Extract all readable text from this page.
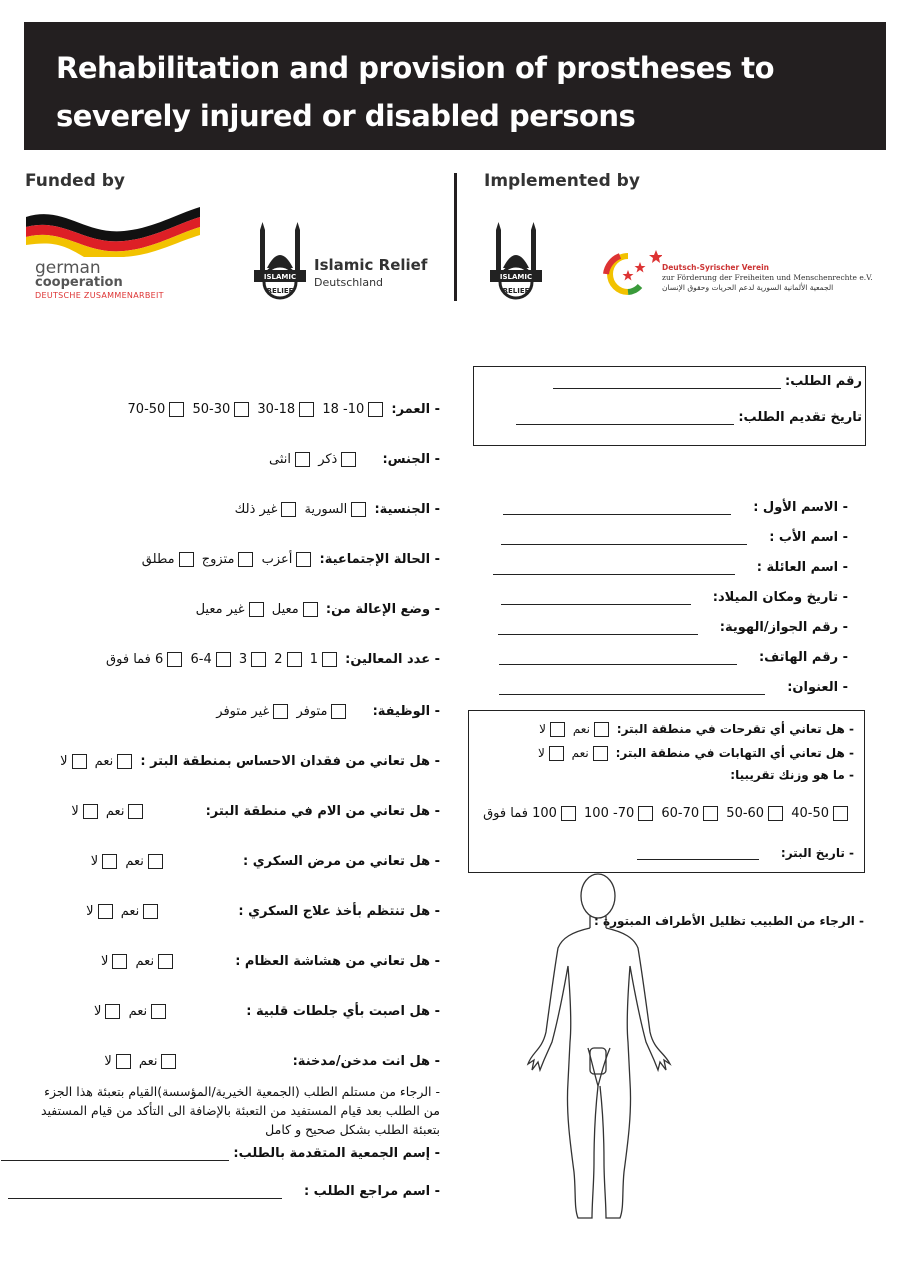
Rehabilitation and provision of prostheses to severely injured or disabled persons
Funded by	Implemented by
german
cooperation
DEUTSCHE ZUSAMMENARBEIT
ISLAMIC
RELIEF
Islamic Relief
Deutschland	ISLAMIC
RELIEF
Deutsch-Syrischer Verein
zur Förderung der Freiheiten und Menschenrechte e.V.
الجمعية الألمانية السورية لدعم الحريات وحقوق الإنسان
رقم الطلب:
تاريخ تقديم الطلب:
- الاسم الأول :
- اسم الأب :
- اسم العائلة :
- تاريخ ومكان الميلاد:
- رقم الجواز/الهوية:
- رقم الهاتف:
- العنوان:
- هل تعاني أي تقرحات في منطقة البتر: نعم لا
- هل تعاني أي التهابات في منطقة البتر: نعم لا
- ما هو وزنك تقريبيا:
40-50 50-60 60-70 70- 100 100 فما فوق
- تاريخ البتر:
- الرجاء من الطبيب تظليل الأطراف المبتورة :
- العمر: 10- 18 18-30 30-50 50-70
- الجنس: ذكر انثى
- الجنسية: السورية غير ذلك
- الحالة الإجتماعية: أعزب متزوج مطلق
- وضع الإعالة من: معيل غير معيل
- عدد المعالين: 1 2 3 4-6 6 فما فوق
- الوظيفة: متوفر غير متوفر
- هل تعاني من فقدان الاحساس بمنطقة البتر : نعم لا
- هل تعاني من الام في منطقة البتر: نعم لا
- هل تعاني من مرض السكري : نعم لا
- هل تنتظم بأخذ علاج السكري : نعم لا
- هل تعاني من هشاشة العظام : نعم لا
- هل اصبت بأي جلطات قلبية : نعم لا
- هل انت مدخن/مدخنة: نعم لا
- الرجاء من مستلم الطلب (الجمعية الخيرية/المؤسسة)القيام بتعبئة هذا الجزء من الطلب بعد قيام المستفيد من التعبئة بالإضافة الى التأكد من قيام المستفيد بتعبئة الطلب بشكل صحيح و كامل
- إسم الجمعية المتقدمة بالطلب:
- اسم مراجع الطلب :
